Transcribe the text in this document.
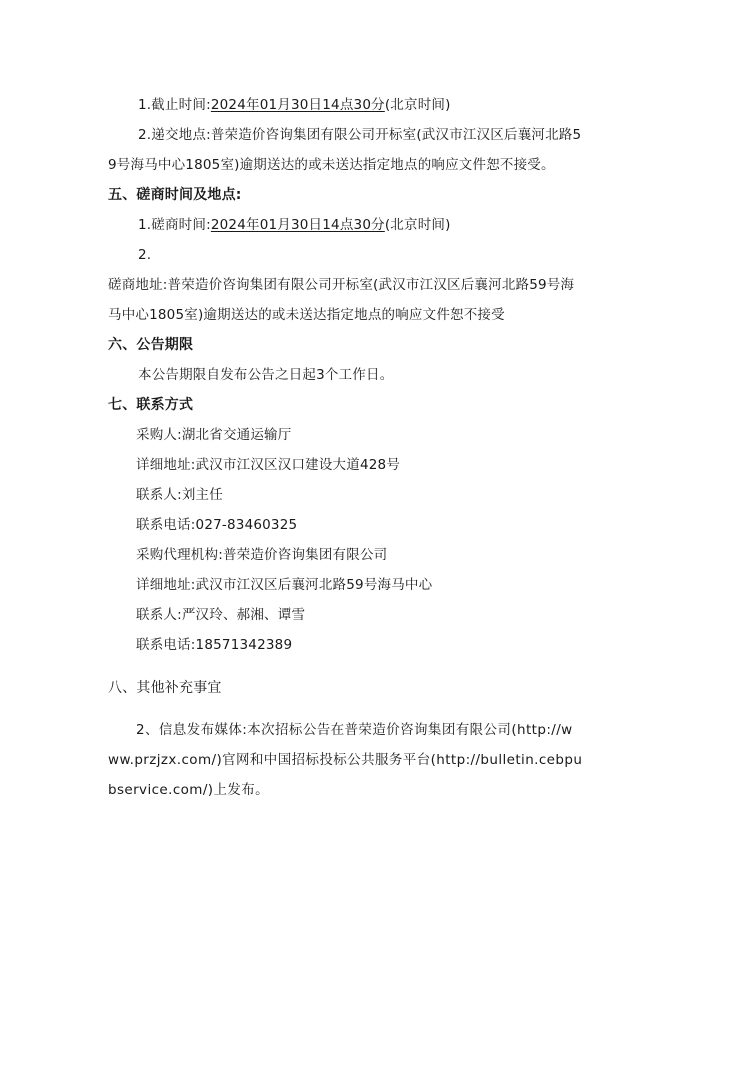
1.截止时间:2024年01月30日14点30分(北京时间)
2.递交地点:普荣造价咨询集团有限公司开标室(武汉市江汉区后襄河北路5
9号海马中心1805室)逾期送达的或未送达指定地点的响应文件恕不接受。
五、磋商时间及地点:
1.磋商时间:2024年01月30日14点30分(北京时间)
2.
磋商地址:普荣造价咨询集团有限公司开标室(武汉市江汉区后襄河北路59号海
马中心1805室)逾期送达的或未送达指定地点的响应文件恕不接受
六、公告期限
本公告期限自发布公告之日起3个工作日。
七、联系方式
采购人:湖北省交通运输厅
详细地址:武汉市江汉区汉口建设大道428号
联系人:刘主任
联系电话:027-83460325
采购代理机构:普荣造价咨询集团有限公司
详细地址:武汉市江汉区后襄河北路59号海马中心
联系人:严汉玲、郝湘、谭雪
联系电话:18571342389
八、其他补充事宜
2、信息发布媒体:本次招标公告在普荣造价咨询集团有限公司(http://w
ww.przjzx.com/)官网和中国招标投标公共服务平台(http://bulletin.cebpu
bservice.com/)上发布。
